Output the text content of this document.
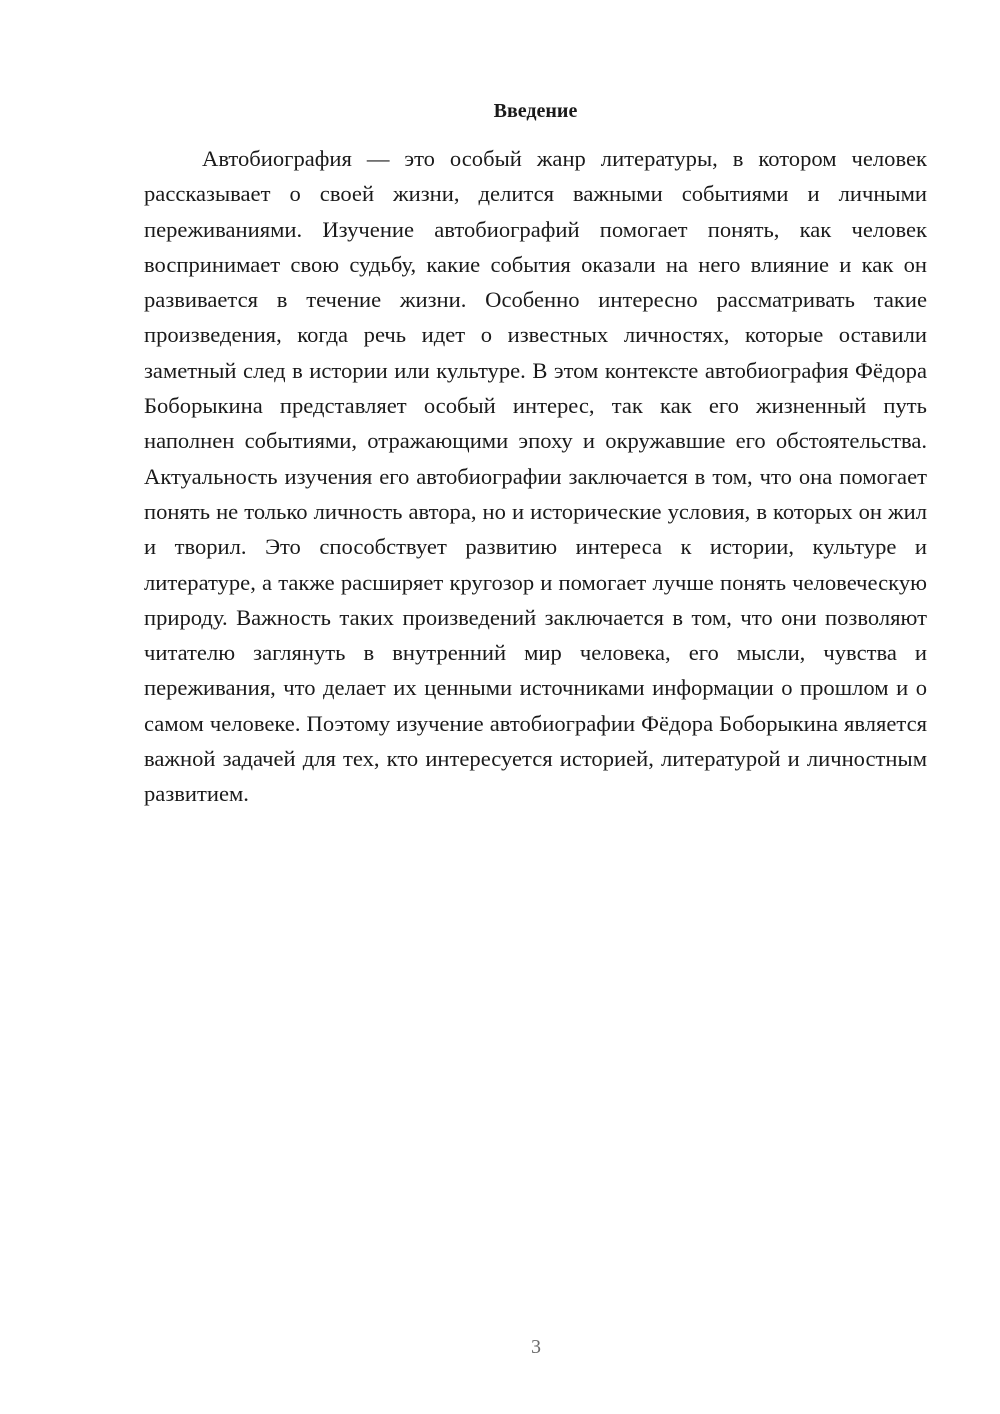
Введение

Автобиография — это особый жанр литературы, в котором человек рассказывает о своей жизни, делится важными событиями и личными переживаниями. Изучение автобиографий помогает понять, как человек воспринимает свою судьбу, какие события оказали на него влияние и как он развивается в течение жизни. Особенно интересно рассматривать такие произведения, когда речь идет о известных личностях, которые оставили заметный след в истории или культуре. В этом контексте автобиография Фёдора Боборыкина представляет особый интерес, так как его жизненный путь наполнен событиями, отражающими эпоху и окружавшие его обстоятельства. Актуальность изучения его автобиографии заключается в том, что она помогает понять не только личность автора, но и исторические условия, в которых он жил и творил. Это способствует развитию интереса к истории, культуре и литературе, а также расширяет кругозор и помогает лучше понять человеческую природу. Важность таких произведений заключается в том, что они позволяют читателю заглянуть в внутренний мир человека, его мысли, чувства и переживания, что делает их ценными источниками информации о прошлом и о самом человеке. Поэтому изучение автобиографии Фёдора Боборыкина является важной задачей для тех, кто интересуется историей, литературой и личностным развитием.

3
